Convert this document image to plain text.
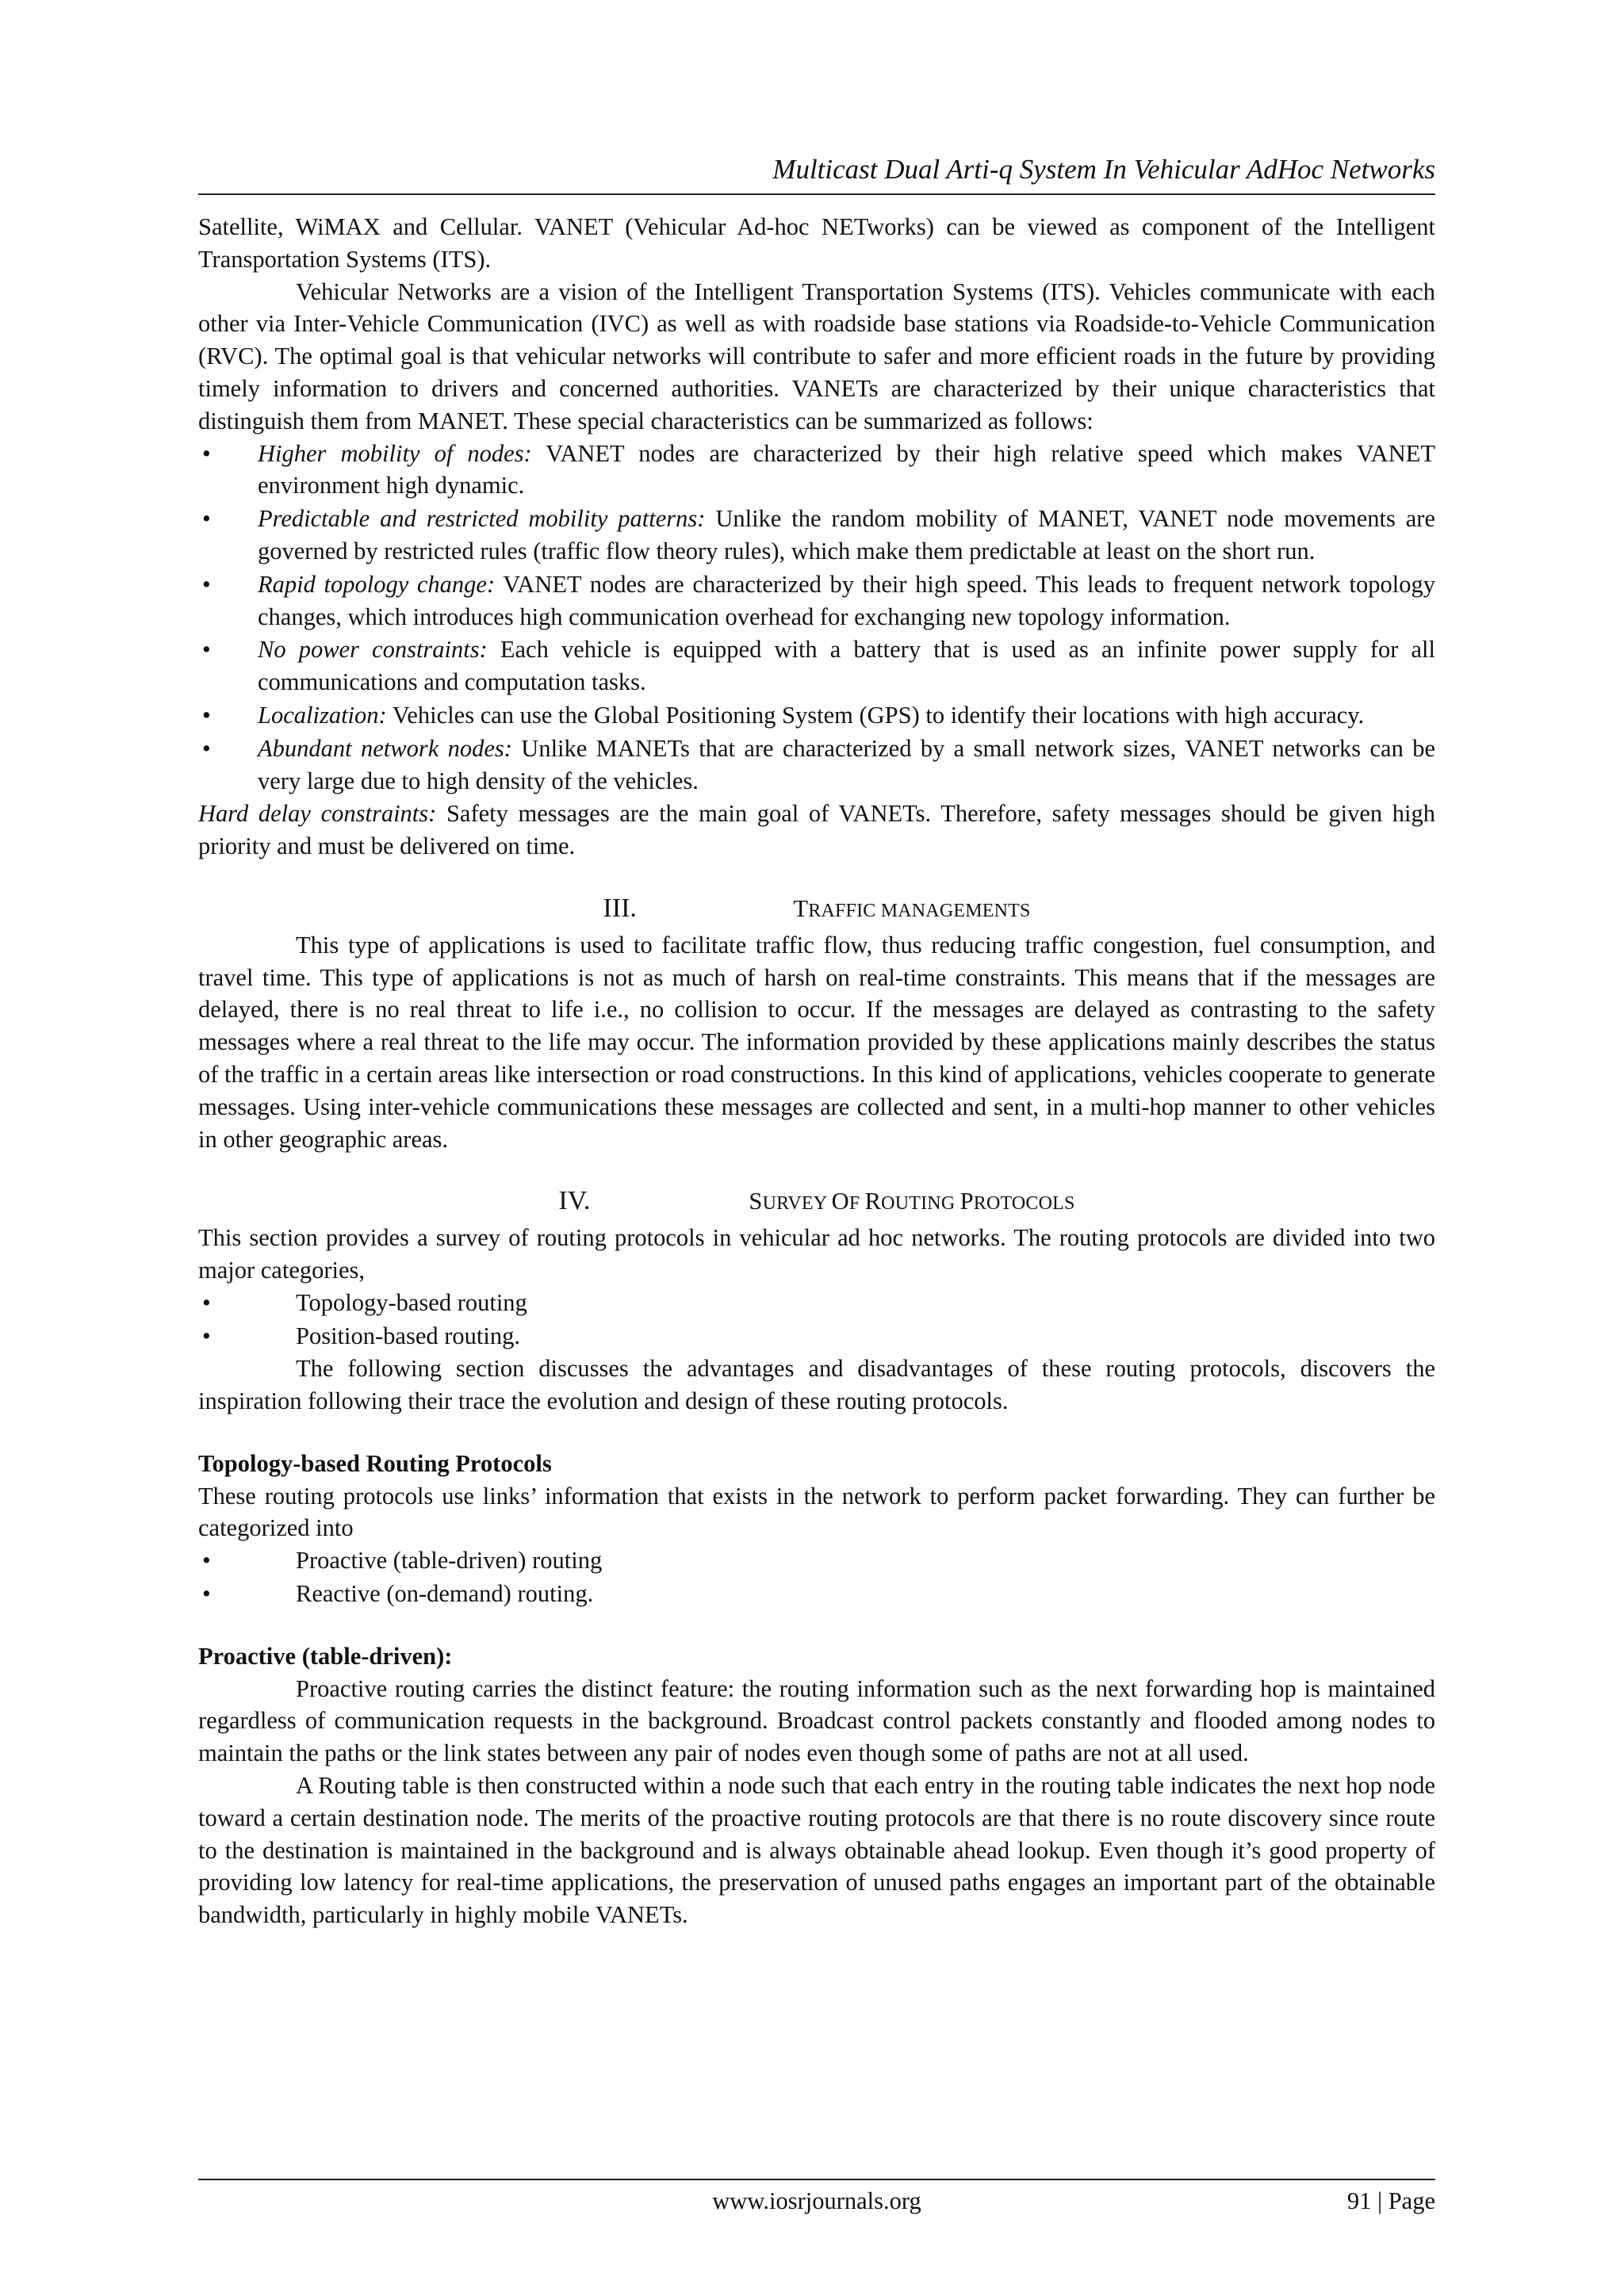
Multicast Dual Arti-q System In Vehicular AdHoc Networks

Satellite, WiMAX and Cellular. VANET (Vehicular Ad-hoc NETworks) can be viewed as component of the Intelligent Transportation Systems (ITS).

Vehicular Networks are a vision of the Intelligent Transportation Systems (ITS). Vehicles communicate with each other via Inter-Vehicle Communication (IVC) as well as with roadside base stations via Roadside-to-Vehicle Communication (RVC). The optimal goal is that vehicular networks will contribute to safer and more efficient roads in the future by providing timely information to drivers and concerned authorities. VANETs are characterized by their unique characteristics that distinguish them from MANET. These special characteristics can be summarized as follows:

• Higher mobility of nodes: VANET nodes are characterized by their high relative speed which makes VANET environment high dynamic.
• Predictable and restricted mobility patterns: Unlike the random mobility of MANET, VANET node movements are governed by restricted rules (traffic flow theory rules), which make them predictable at least on the short run.
• Rapid topology change: VANET nodes are characterized by their high speed. This leads to frequent network topology changes, which introduces high communication overhead for exchanging new topology information.
• No power constraints: Each vehicle is equipped with a battery that is used as an infinite power supply for all communications and computation tasks.
• Localization: Vehicles can use the Global Positioning System (GPS) to identify their locations with high accuracy.
• Abundant network nodes: Unlike MANETs that are characterized by a small network sizes, VANET networks can be very large due to high density of the vehicles.

Hard delay constraints: Safety messages are the main goal of VANETs. Therefore, safety messages should be given high priority and must be delivered on time.

III.	TRAFFIC MANAGEMENTS

This type of applications is used to facilitate traffic flow, thus reducing traffic congestion, fuel consumption, and travel time. This type of applications is not as much of harsh on real-time constraints. This means that if the messages are delayed, there is no real threat to life i.e., no collision to occur. If the messages are delayed as contrasting to the safety messages where a real threat to the life may occur. The information provided by these applications mainly describes the status of the traffic in a certain areas like intersection or road constructions. In this kind of applications, vehicles cooperate to generate messages. Using inter-vehicle communications these messages are collected and sent, in a multi-hop manner to other vehicles in other geographic areas.

IV.	SURVEY OF ROUTING PROTOCOLS

This section provides a survey of routing protocols in vehicular ad hoc networks. The routing protocols are divided into two major categories,

• Topology-based routing
• Position-based routing.

The following section discusses the advantages and disadvantages of these routing protocols, discovers the inspiration following their trace the evolution and design of these routing protocols.

Topology-based Routing Protocols

These routing protocols use links’ information that exists in the network to perform packet forwarding. They can further be categorized into

• Proactive (table-driven) routing
• Reactive (on-demand) routing.

Proactive (table-driven):

Proactive routing carries the distinct feature: the routing information such as the next forwarding hop is maintained regardless of communication requests in the background. Broadcast control packets constantly and flooded among nodes to maintain the paths or the link states between any pair of nodes even though some of paths are not at all used.

A Routing table is then constructed within a node such that each entry in the routing table indicates the next hop node toward a certain destination node. The merits of the proactive routing protocols are that there is no route discovery since route to the destination is maintained in the background and is always obtainable ahead lookup. Even though it’s good property of providing low latency for real-time applications, the preservation of unused paths engages an important part of the obtainable bandwidth, particularly in highly mobile VANETs.

www.iosrjournals.org	91 | Page
